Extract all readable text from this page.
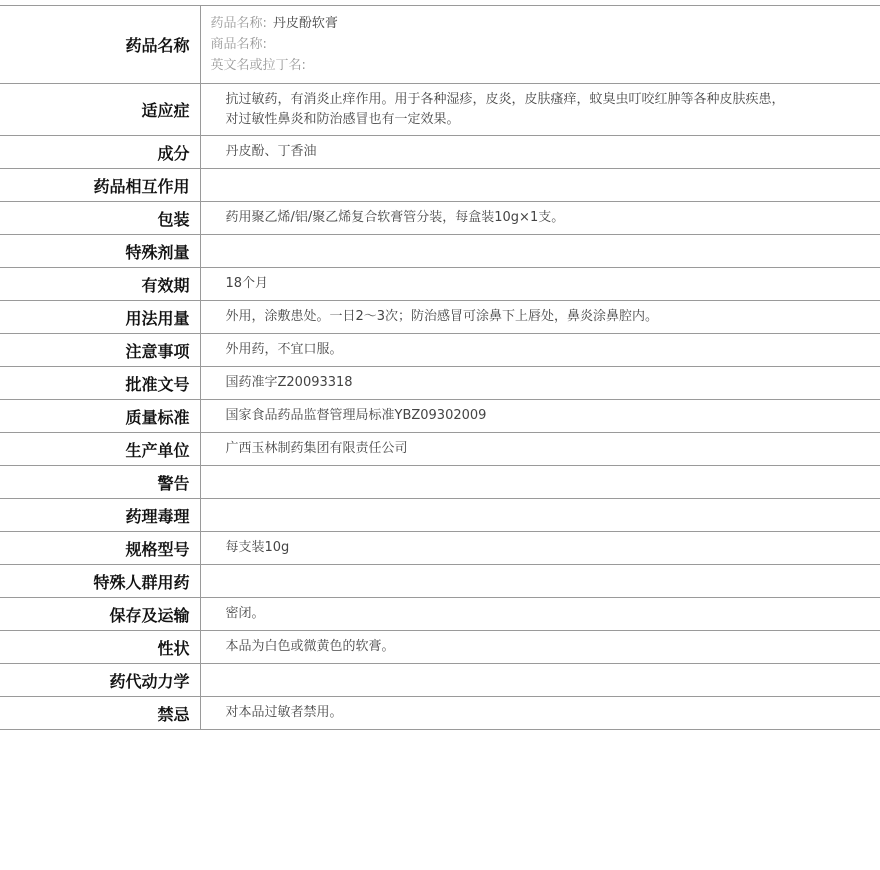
药品名称	药品名称: 丹皮酚软膏
商品名称:
英文名或拉丁名:

适应症	抗过敏药，有消炎止痒作用。用于各种湿疹，皮炎，皮肤瘙痒，蚊臭虫叮咬红肿等各种皮肤疾患，对过敏性鼻炎和防治感冒也有一定效果。
成分	丹皮酚、丁香油
药品相互作用	
包装	药用聚乙烯/铝/聚乙烯复合软膏管分装，每盒装10g×1支。
特殊剂量	
有效期	18个月
用法用量	外用，涂敷患处。一日2～3次；防治感冒可涂鼻下上唇处，鼻炎涂鼻腔内。
注意事项	外用药，不宜口服。
批准文号	国药准字Z20093318
质量标准	国家食品药品监督管理局标准YBZ09302009
生产单位	广西玉林制药集团有限责任公司
警告	
药理毒理	
规格型号	每支装10g
特殊人群用药	
保存及运输	密闭。
性状	本品为白色或微黄色的软膏。
药代动力学	
禁忌	对本品过敏者禁用。
